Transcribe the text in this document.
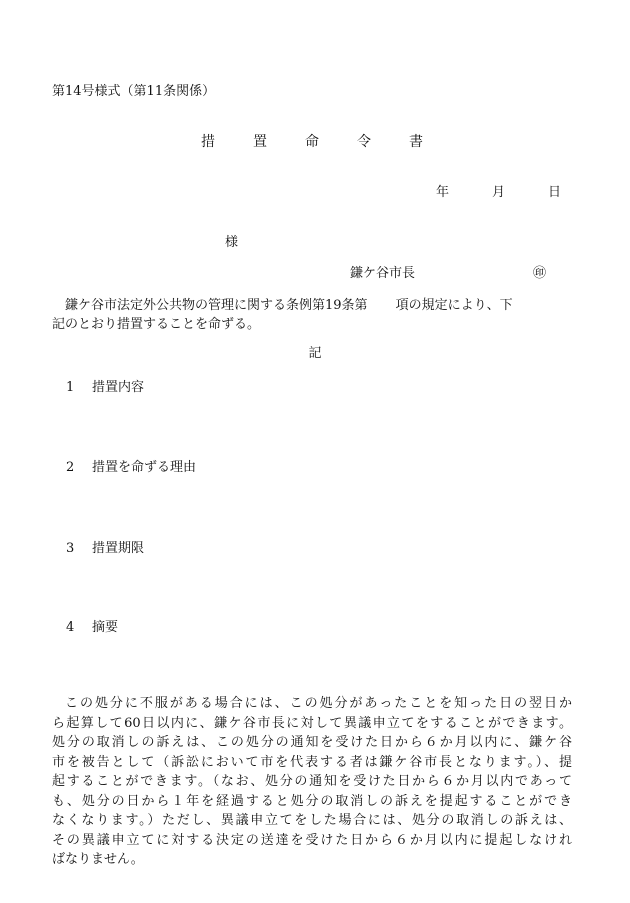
第14号様式（第11条関係）
措　置　命　令　書
年	月	日
様
鎌ケ谷市長	㊞
　鎌ケ谷市法定外公共物の管理に関する条例第19条第 項の規定により、下
記のとおり措置することを命ずる。
記
1 措置内容
2 措置を命ずる理由
3 措置期限
4 摘要
この処分に不服がある場合には、この処分があったことを知った日の翌日か
ら起算して60日以内に、鎌ケ谷市長に対して異議申立てをすることができます。
処分の取消しの訴えは、この処分の通知を受けた日から６か月以内に、鎌ケ谷
市を被告として（訴訟において市を代表する者は鎌ケ谷市長となります。）、提
起することができます。（なお、処分の通知を受けた日から６か月以内であって
も、処分の日から１年を経過すると処分の取消しの訴えを提起することができ
なくなります。）ただし、異議申立てをした場合には、処分の取消しの訴えは、
その異議申立てに対する決定の送達を受けた日から６か月以内に提起しなけれ
ばなりません。
